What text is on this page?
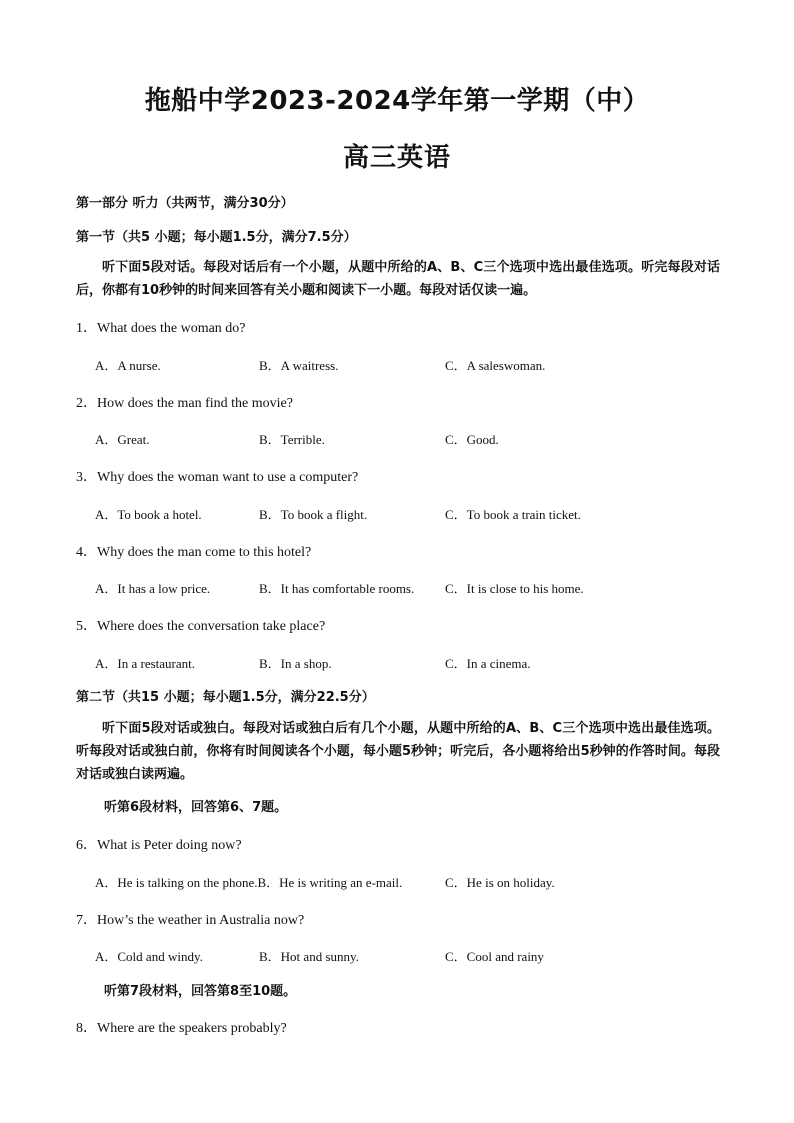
拖船中学2023-2024学年第一学期（中）
高三英语
第一部分 听力（共两节，满分30分）
第一节（共5 小题；每小题1.5分，满分7.5分）
听下面5段对话。每段对话后有一个小题，从题中所给的A、B、C三个选项中选出最佳选项。听完每段对话后，你都有10秒钟的时间来回答有关小题和阅读下一小题。每段对话仅读一遍。
1．What does the woman do?
A．A nurse.	B．A waitress.	C．A saleswoman.
2．How does the man find the movie?
A．Great.	B．Terrible.	C．Good.
3．Why does the woman want to use a computer?
A．To book a hotel.	B．To book a flight.	C．To book a train ticket.
4．Why does the man come to this hotel?
A．It has a low price.	B．It has comfortable rooms. C．It is close to his home.
5．Where does the conversation take place?
A．In a restaurant.	B．In a shop.	C．In a cinema.
第二节（共15 小题；每小题1.5分，满分22.5分）
听下面5段对话或独白。每段对话或独白后有几个小题，从题中所给的A、B、C三个选项中选出最佳选项。听每段对话或独白前，你将有时间阅读各个小题，每小题5秒钟；听完后，各小题将给出5秒钟的作答时间。每段对话或独白读两遍。
听第6段材料，回答第6、7题。
6．What is Peter doing now?
A．He is talking on the phone.B．He is writing an e-mail.	C．He is on holiday.
7．How’s the weather in Australia now?
A．Cold and windy.	B．Hot and sunny.	C．Cool and rainy
听第7段材料，回答第8至10题。
8．Where are the speakers probably?
